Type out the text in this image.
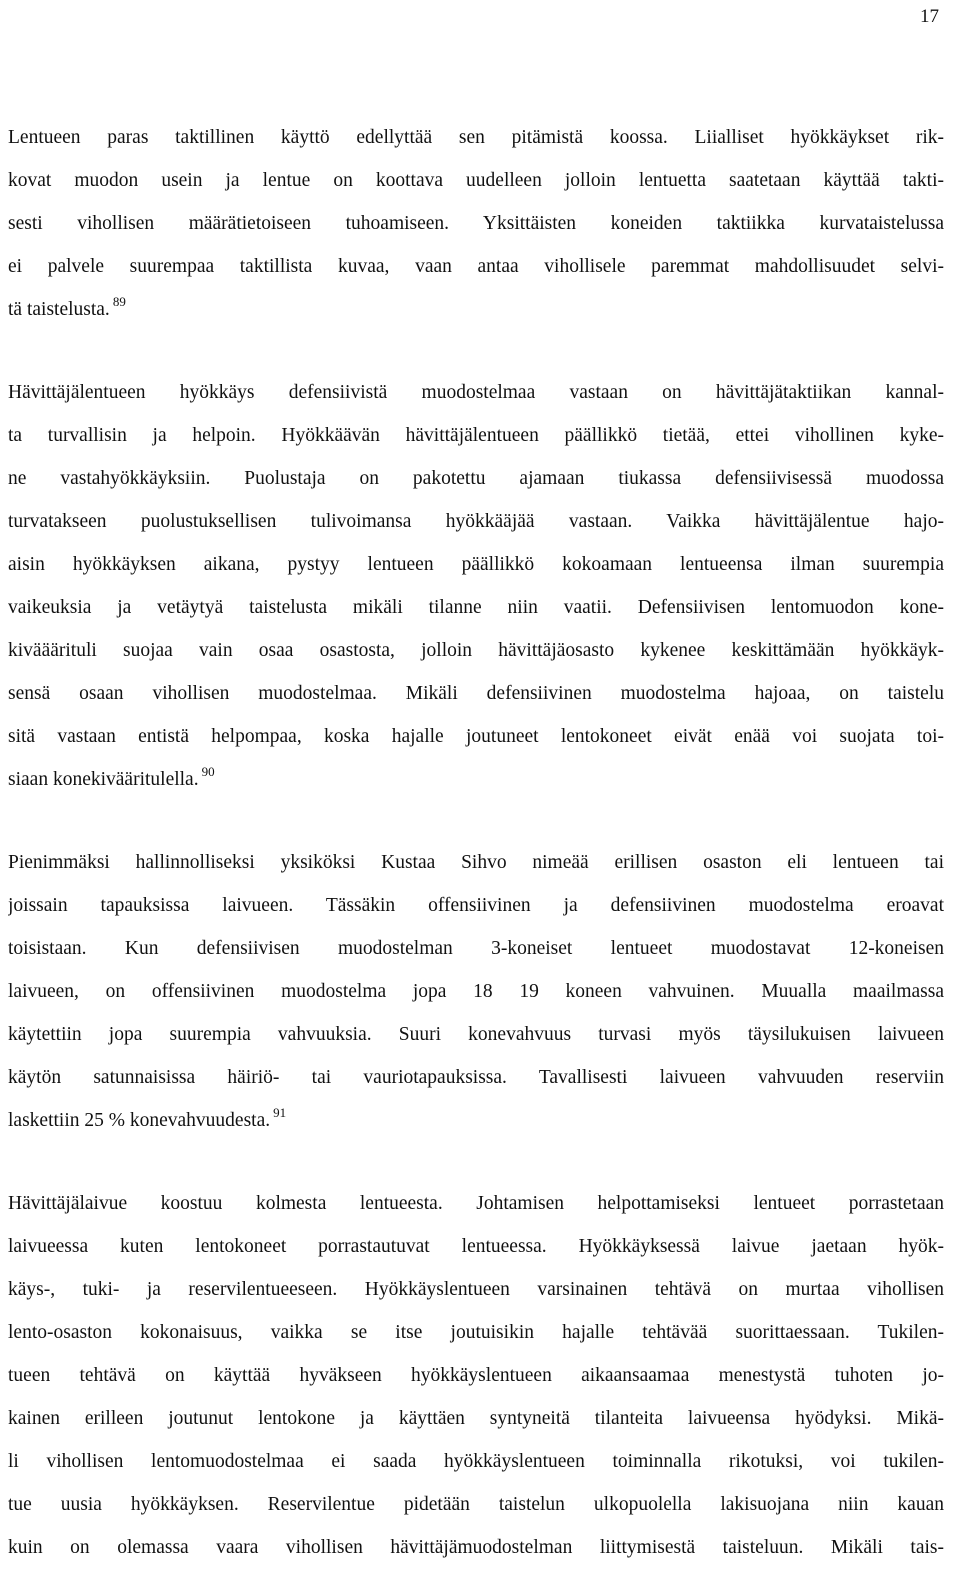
17

Lentueen paras taktillinen käyttö edellyttää sen pitämistä koossa. Liialliset hyökkäykset rik-
kovat muodon usein ja lentue on koottava uudelleen jolloin lentuetta saatetaan käyttää takti-
sesti vihollisen määrätietoiseen tuhoamiseen. Yksittäisten koneiden taktiikka kurvataistelussa
ei palvele suurempaa taktillista kuvaa, vaan antaa vihollisele paremmat mahdollisuudet selvi-
tä taistelusta. $^{89}$

Hävittäjälentueen hyökkäys defensiivistä muodostelmaa vastaan on hävittäjätaktiikan kannal-
ta turvallisin ja helpoin. Hyökkäävän hävittäjälentueen päällikkö tietää, ettei vihollinen kyke-
ne vastahyökkäyksiin. Puolustaja on pakotettu ajamaan tiukassa defensiivisessä muodossa
turvatakseen puolustuksellisen tulivoimansa hyökkääjää vastaan. Vaikka hävittäjälentue hajo-
aisin hyökkäyksen aikana, pystyy lentueen päällikkö kokoamaan lentueensa ilman suurempia
vaikeuksia ja vetäytyä taistelusta mikäli tilanne niin vaatii. Defensiivisen lentomuodon kone-
kivääärituli suojaa vain osaa osastosta, jolloin hävittäjäosasto kykenee keskittämään hyökkäyk-
sensä osaan vihollisen muodostelmaa. Mikäli defensiivinen muodostelma hajoaa, on taistelu
sitä vastaan entistä helpompaa, koska hajalle joutuneet lentokoneet eivät enää voi suojata toi-
siaan konekivääritulella. $^{90}$

Pienimmäksi hallinnolliseksi yksiköksi Kustaa Sihvo nimeää erillisen osaston eli lentueen tai
joissain tapauksissa laivueen. Tässäkin offensiivinen ja defensiivinen muodostelma eroavat
toisistaan. Kun defensiivisen muodostelman 3-koneiset lentueet muodostavat 12-koneisen
laivueen, on offensiivinen muodostelma jopa 18 19 koneen vahvuinen. Muualla maailmassa
käytettiin jopa suurempia vahvuuksia. Suuri konevahvuus turvasi myös täysilukuisen laivueen
käytön satunnaisissa häiriö- tai vauriotapauksissa. Tavallisesti laivueen vahvuuden reserviin
laskettiin 25 % konevahvuudesta. $^{91}$

Hävittäjälaivue koostuu kolmesta lentueesta. Johtamisen helpottamiseksi lentueet porrastetaan
laivueessa kuten lentokoneet porrastautuvat lentueessa. Hyökkäyksessä laivue jaetaan hyök-
käys-, tuki- ja reservilentueeseen. Hyökkäyslentueen varsinainen tehtävä on murtaa vihollisen
lento-osaston kokonaisuus, vaikka se itse joutuisikin hajalle tehtävää suorittaessaan. Tukilen-
tueen tehtävä on käyttää hyväkseen hyökkäyslentueen aikaansaamaa menestystä tuhoten jo-
kainen erilleen joutunut lentokone ja käyttäen syntyneitä tilanteita laivueensa hyödyksi. Mikä-
li vihollisen lentomuodostelmaa ei saada hyökkäyslentueen toiminnalla rikotuksi, voi tukilen-
tue uusia hyökkäyksen. Reservilentue pidetään taistelun ulkopuolella lakisuojana niin kauan
kuin on olemassa vaara vihollisen hävittäjämuodostelman liittymisestä taisteluun. Mikäli tais-
